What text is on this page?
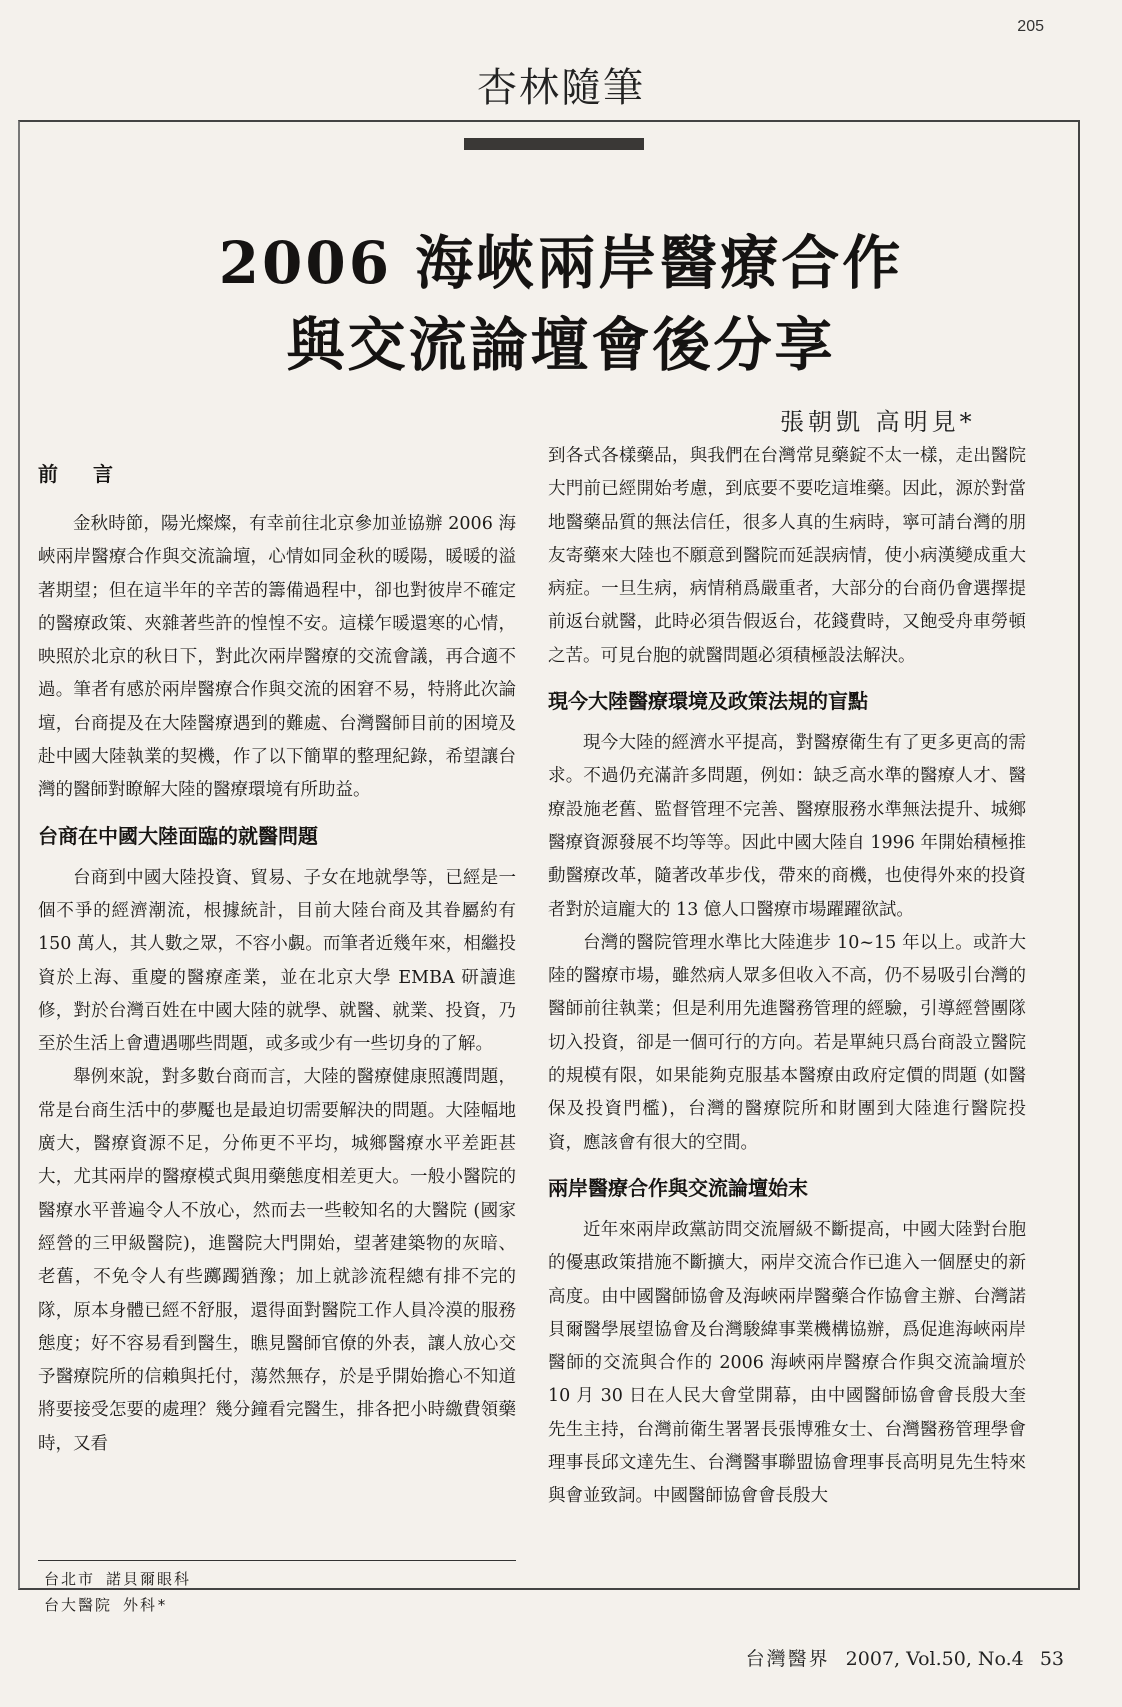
205
杏林隨筆
2006 海峽兩岸醫療合作
與交流論壇會後分享
張朝凱 高明見*
前 言

金秋時節，陽光燦燦，有幸前往北京參加並協辦 2006 海峽兩岸醫療合作與交流論壇，心情如同金秋的暖陽，暖暖的溢著期望；但在這半年的辛苦的籌備過程中，卻也對彼岸不確定的醫療政策、夾雜著些許的惶惶不安。這樣乍暖還寒的心情，映照於北京的秋日下，對此次兩岸醫療的交流會議，再合適不過。筆者有感於兩岸醫療合作與交流的困窘不易，特將此次論壇，台商提及在大陸醫療遇到的難處、台灣醫師目前的困境及赴中國大陸執業的契機，作了以下簡單的整理紀錄，希望讓台灣的醫師對瞭解大陸的醫療環境有所助益。

台商在中國大陸面臨的就醫問題

台商到中國大陸投資、貿易、子女在地就學等，已經是一個不爭的經濟潮流，根據統計，目前大陸台商及其眷屬約有 150 萬人，其人數之眾，不容小覷。而筆者近幾年來，相繼投資於上海、重慶的醫療產業，並在北京大學 EMBA 研讀進修，對於台灣百姓在中國大陸的就學、就醫、就業、投資，乃至於生活上會遭遇哪些問題，或多或少有一些切身的了解。

舉例來說，對多數台商而言，大陸的醫療健康照護問題，常是台商生活中的夢魘也是最迫切需要解決的問題。大陸幅地廣大，醫療資源不足，分佈更不平均，城鄉醫療水平差距甚大，尤其兩岸的醫療模式與用藥態度相差更大。一般小醫院的醫療水平普遍令人不放心，然而去一些較知名的大醫院 (國家經營的三甲級醫院)，進醫院大門開始，望著建築物的灰暗、老舊，不免令人有些躑躅猶豫；加上就診流程總有排不完的隊，原本身體已經不舒服，還得面對醫院工作人員冷漠的服務態度；好不容易看到醫生，瞧見醫師官僚的外表，讓人放心交予醫療院所的信賴與托付，蕩然無存，於是乎開始擔心不知道將要接受怎要的處理？幾分鐘看完醫生，排各把小時繳費領藥時，又看

到各式各樣藥品，與我們在台灣常見藥錠不太一樣，走出醫院大門前已經開始考慮，到底要不要吃這堆藥。因此，源於對當地醫藥品質的無法信任，很多人真的生病時，寧可請台灣的朋友寄藥來大陸也不願意到醫院而延誤病情，使小病漢變成重大病症。一旦生病，病情稍爲嚴重者，大部分的台商仍會選擇提前返台就醫，此時必須告假返台，花錢費時，又飽受舟車勞頓之苦。可見台胞的就醫問題必須積極設法解決。

現今大陸醫療環境及政策法規的盲點

現今大陸的經濟水平提高，對醫療衛生有了更多更高的需求。不過仍充滿許多問題，例如：缺乏高水準的醫療人才、醫療設施老舊、監督管理不完善、醫療服務水準無法提升、城鄉醫療資源發展不均等等。因此中國大陸自 1996 年開始積極推動醫療改革，隨著改革步伐，帶來的商機，也使得外來的投資者對於這龐大的 13 億人口醫療市場躍躍欲試。

台灣的醫院管理水準比大陸進步 10~15 年以上。或許大陸的醫療市場，雖然病人眾多但收入不高，仍不易吸引台灣的醫師前往執業；但是利用先進醫務管理的經驗，引導經營團隊切入投資，卻是一個可行的方向。若是單純只爲台商設立醫院的規模有限，如果能夠克服基本醫療由政府定價的問題 (如醫保及投資門檻)，台灣的醫療院所和財團到大陸進行醫院投資，應該會有很大的空間。

兩岸醫療合作與交流論壇始末

近年來兩岸政黨訪問交流層級不斷提高，中國大陸對台胞的優惠政策措施不斷擴大，兩岸交流合作已進入一個歷史的新高度。由中國醫師協會及海峽兩岸醫藥合作協會主辦、台灣諾貝爾醫學展望協會及台灣駿緯事業機構協辦，爲促進海峽兩岸醫師的交流與合作的 2006 海峽兩岸醫療合作與交流論壇於 10 月 30 日在人民大會堂開幕，由中國醫師協會會長殷大奎先生主持，台灣前衛生署署長張博雅女士、台灣醫務管理學會理事長邱文達先生、台灣醫事聯盟協會理事長高明見先生特來與會並致詞。中國醫師協會會長殷大

台北市 諾貝爾眼科
台大醫院 外科*
台灣醫界 2007, Vol.50, No.4 53
